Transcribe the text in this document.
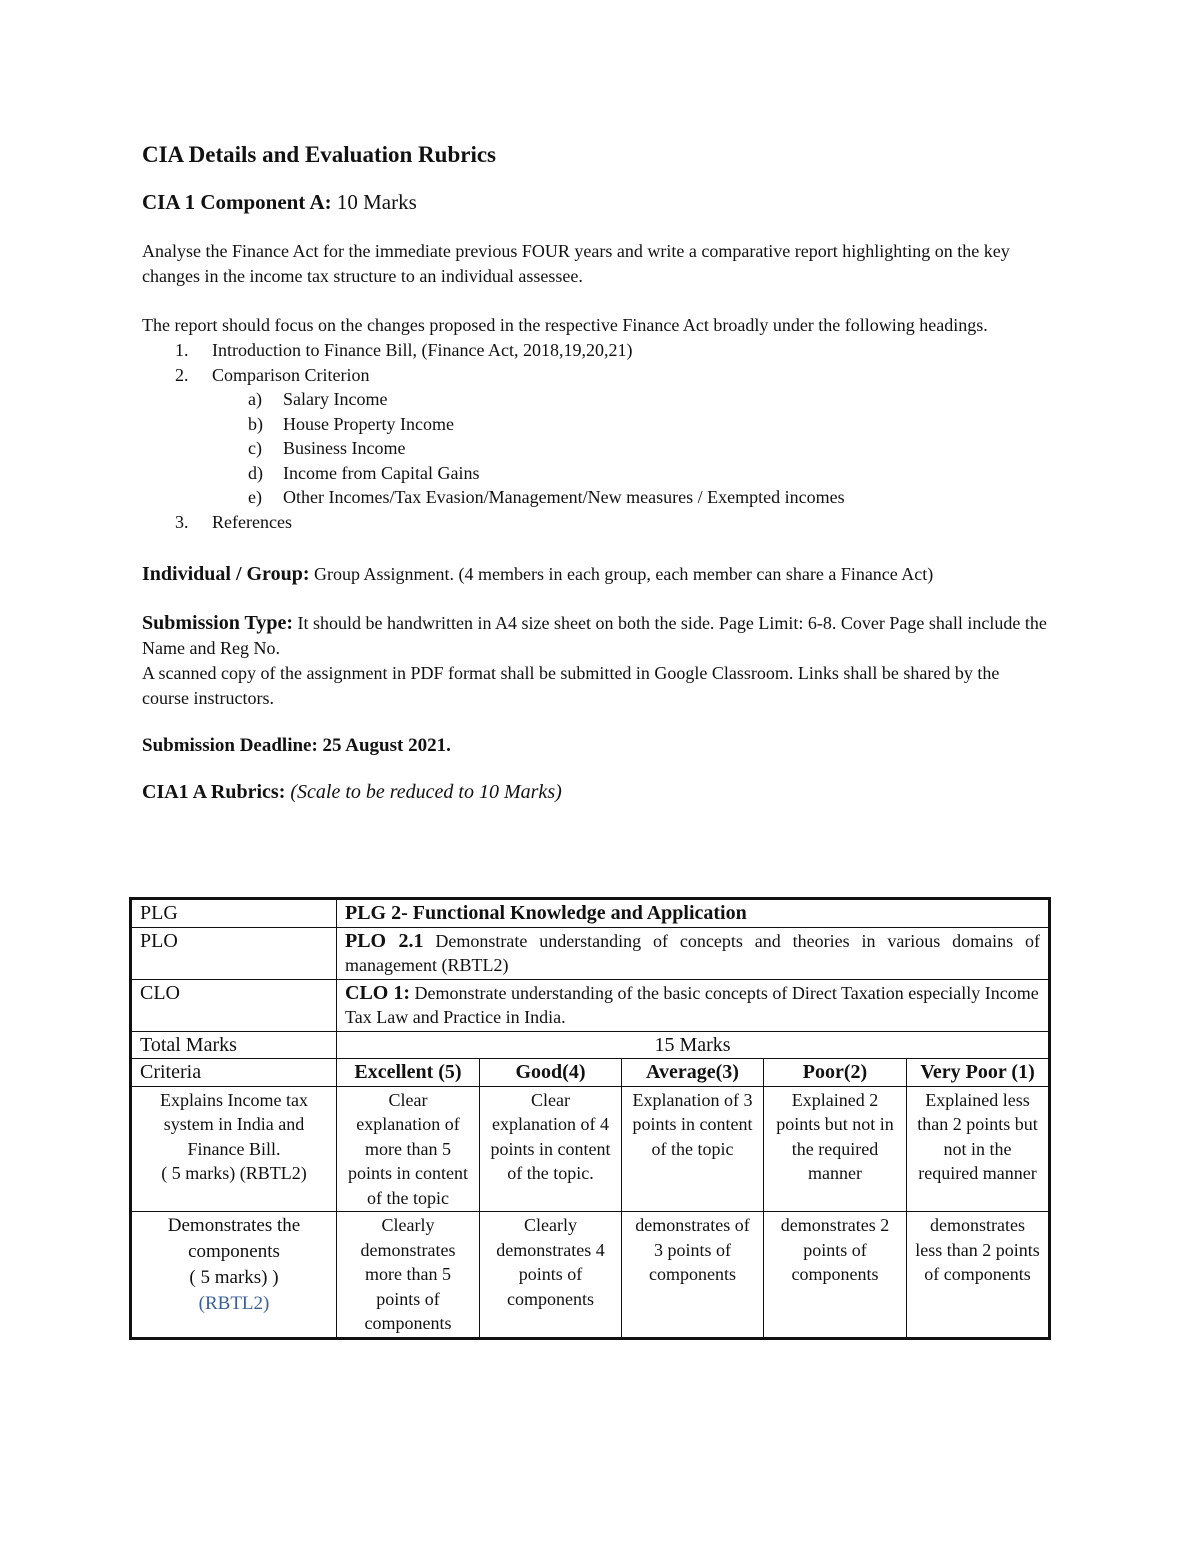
CIA Details and Evaluation Rubrics
CIA 1 Component A: 10 Marks

Analyse the Finance Act for the immediate previous FOUR years and write a comparative report highlighting on the key changes in the income tax structure to an individual assessee.

The report should focus on the changes proposed in the respective Finance Act broadly under the following headings.

1. Introduction to Finance Bill, (Finance Act, 2018,19,20,21)
2. Comparison Criterion
a) Salary Income
b) House Property Income
c) Business Income
d) Income from Capital Gains
e) Other Incomes/Tax Evasion/Management/New measures / Exempted incomes
3. References
Individual / Group: Group Assignment. (4 members in each group, each member can share a Finance Act)
Submission Type: It should be handwritten in A4 size sheet on both the side. Page Limit: 6-8. Cover Page shall include the Name and Reg No.
A scanned copy of the assignment in PDF format shall be submitted in Google Classroom. Links shall be shared by the course instructors.
Submission Deadline: 25 August 2021.
CIA1 A Rubrics: (Scale to be reduced to 10 Marks)
PLG	PLG 2- Functional Knowledge and Application				
PLO	PLO 2.1 Demonstrate understanding of concepts and theories in various domains of management (RBTL2)				
CLO	CLO 1: Demonstrate understanding of the basic concepts of Direct Taxation especially Income Tax Law and Practice in India.				
Total Marks	15 Marks				
Criteria	Excellent (5)	Good(4)	Average(3)	Poor(2)	Very Poor (1)
Explains Income tax system in India and Finance Bill.
( 5 marks) (RBTL2)	Clear explanation of more than 5 points in content of the topic	Clear explanation of 4 points in content of the topic.	Explanation of 3 points in content of the topic	Explained 2 points but not in the required manner	Explained less than 2 points but not in the required manner
Demonstrates the components
( 5 marks) )
(RBTL2)	Clearly demonstrates more than 5 points of components	Clearly demonstrates 4 points of components	demonstrates of 3 points of components	demonstrates 2 points of components	demonstrates less than 2 points of components
